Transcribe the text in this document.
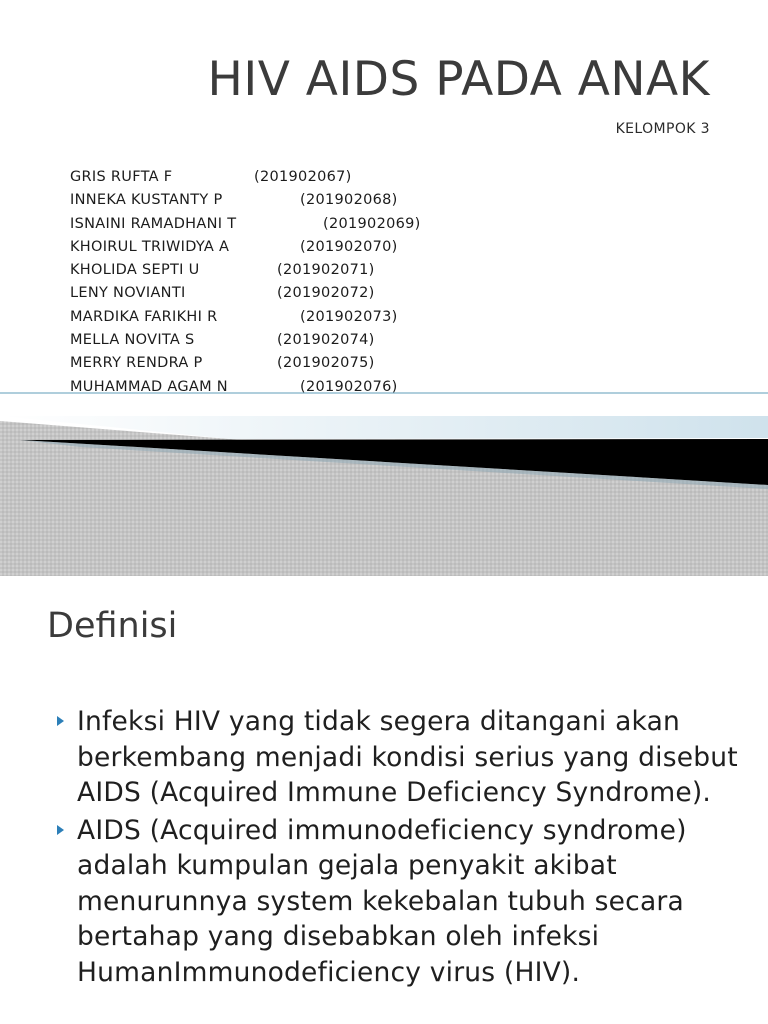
HIV AIDS PADA ANAK
KELOMPOK 3
GRIS RUFTA F	(201902067)
INNEKA KUSTANTY P	(201902068)
ISNAINI RAMADHANI T	(201902069)
KHOIRUL TRIWIDYA A	(201902070)
KHOLIDA SEPTI U	(201902071)
LENY NOVIANTI	(201902072)
MARDIKA FARIKHI R	(201902073)
MELLA NOVITA S	(201902074)
MERRY RENDRA P	(201902075)
MUHAMMAD AGAM N	(201902076)
Definisi
Infeksi HIV yang tidak segera ditangani akan berkembang menjadi kondisi serius yang disebut AIDS (Acquired Immune Deficiency Syndrome).
AIDS (Acquired immunodeficiency syndrome) adalah kumpulan gejala penyakit akibat menurunnya system kekebalan tubuh secara bertahap yang disebabkan oleh infeksi HumanImmunodeficiency virus (HIV).
